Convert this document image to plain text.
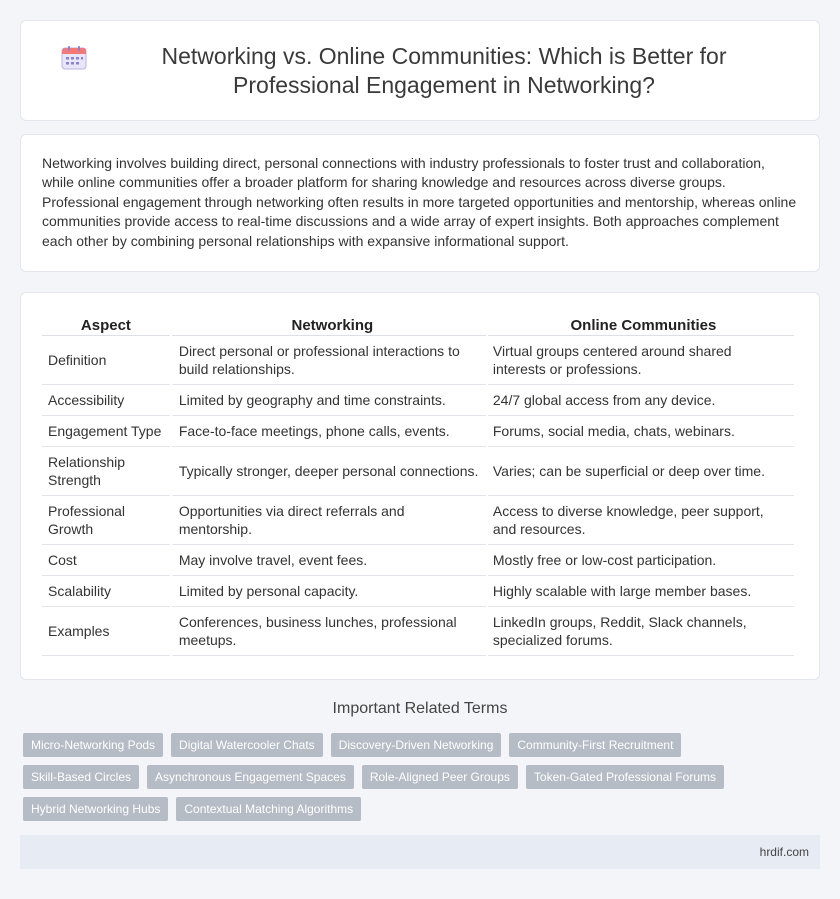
Networking vs. Online Communities: Which is Better for Professional Engagement in Networking?

Networking involves building direct, personal connections with industry professionals to foster trust and collaboration, while online communities offer a broader platform for sharing knowledge and resources across diverse groups. Professional engagement through networking often results in more targeted opportunities and mentorship, whereas online communities provide access to real-time discussions and a wide array of expert insights. Both approaches complement each other by combining personal relationships with expansive informational support.

Aspect	Networking	Online Communities
Definition	Direct personal or professional interactions to build relationships.	Virtual groups centered around shared interests or professions.
Accessibility	Limited by geography and time constraints.	24/7 global access from any device.
Engagement Type	Face-to-face meetings, phone calls, events.	Forums, social media, chats, webinars.
Relationship Strength	Typically stronger, deeper personal connections.	Varies; can be superficial or deep over time.
Professional Growth	Opportunities via direct referrals and mentorship.	Access to diverse knowledge, peer support, and resources.
Cost	May involve travel, event fees.	Mostly free or low-cost participation.
Scalability	Limited by personal capacity.	Highly scalable with large member bases.
Examples	Conferences, business lunches, professional meetups.	LinkedIn groups, Reddit, Slack channels, specialized forums.
Important Related Terms
Micro-Networking Pods	Digital Watercooler Chats	Discovery-Driven Networking	Community-First Recruitment
Skill-Based Circles	Asynchronous Engagement Spaces	Role-Aligned Peer Groups	Token-Gated Professional Forums
Hybrid Networking Hubs	Contextual Matching Algorithms
hrdif.com
